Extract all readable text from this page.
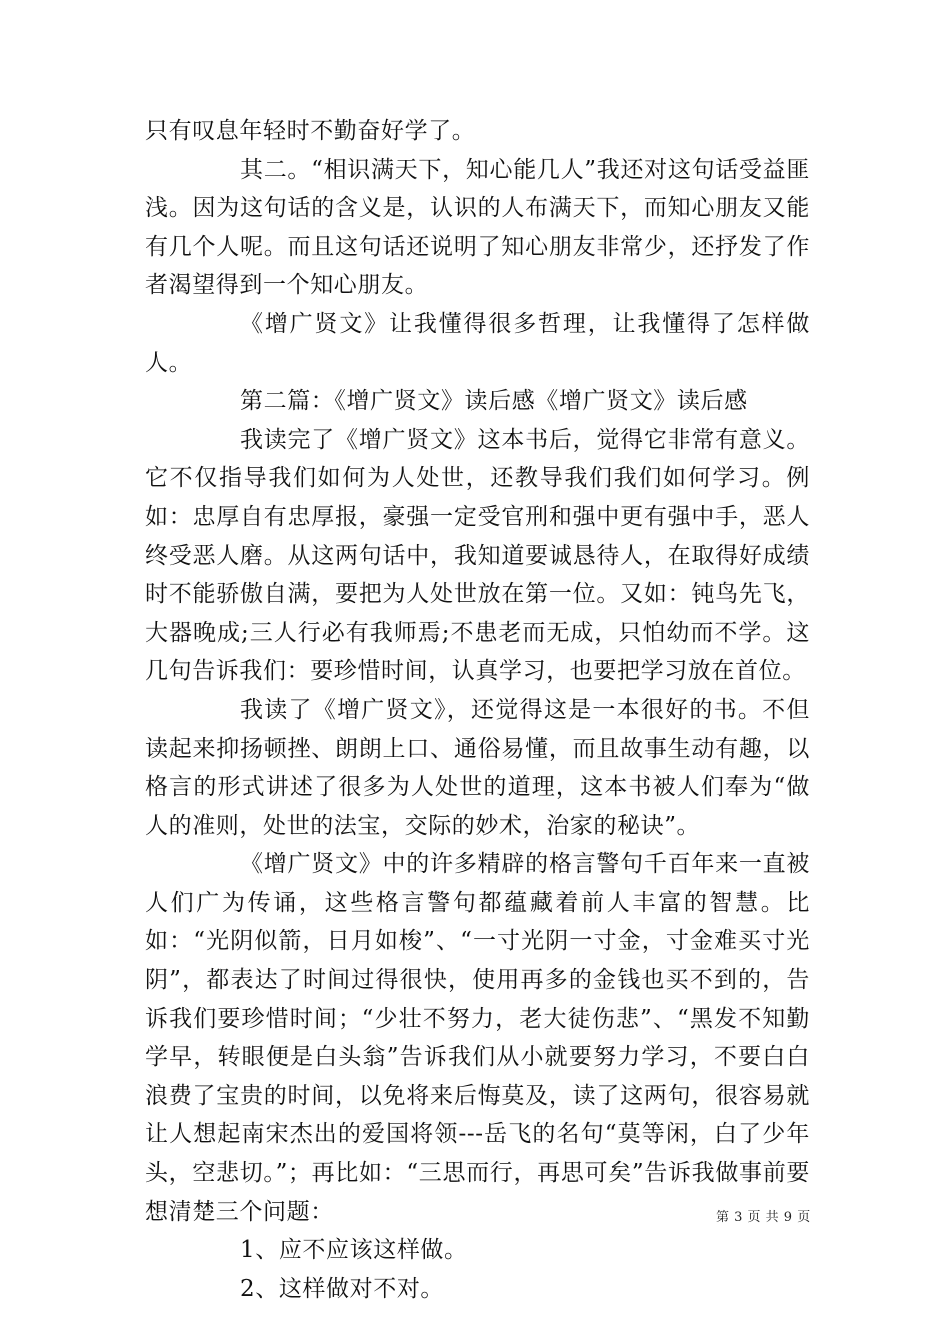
只有叹息年轻时不勤奋好学了。

其二。“相识满天下，知心能几人”我还对这句话受益匪浅。因为这句话的含义是，认识的人布满天下，而知心朋友又能有几个人呢。而且这句话还说明了知心朋友非常少，还抒发了作者渴望得到一个知心朋友。

《增广贤文》让我懂得很多哲理，让我懂得了怎样做人。

第二篇：《增广贤文》读后感《增广贤文》读后感

我读完了《增广贤文》这本书后，觉得它非常有意义。它不仅指导我们如何为人处世，还教导我们我们如何学习。例如：忠厚自有忠厚报，豪强一定受官刑和强中更有强中手，恶人终受恶人磨。从这两句话中，我知道要诚恳待人，在取得好成绩时不能骄傲自满，要把为人处世放在第一位。又如：钝鸟先飞，大器晚成;三人行必有我师焉;不患老而无成，只怕幼而不学。这几句告诉我们：要珍惜时间，认真学习，也要把学习放在首位。

我读了《增广贤文》，还觉得这是一本很好的书。不但读起来抑扬顿挫、朗朗上口、通俗易懂，而且故事生动有趣，以格言的形式讲述了很多为人处世的道理，这本书被人们奉为“做人的准则，处世的法宝，交际的妙术，治家的秘诀”。

《增广贤文》中的许多精辟的格言警句千百年来一直被人们广为传诵，这些格言警句都蕴藏着前人丰富的智慧。比如：“光阴似箭，日月如梭”、“一寸光阴一寸金，寸金难买寸光阴”，都表达了时间过得很快，使用再多的金钱也买不到的，告诉我们要珍惜时间；“少壮不努力，老大徒伤悲”、“黑发不知勤学早，转眼便是白头翁”告诉我们从小就要努力学习，不要白白浪费了宝贵的时间，以免将来后悔莫及，读了这两句，很容易就让人想起南宋杰出的爱国将领---岳飞的名句“莫等闲，白了少年头，空悲切。”；再比如：“三思而行，再思可矣”告诉我做事前要想清楚三个问题：

1、应不应该这样做。

2、这样做对不对。

第 3 页 共 9 页
